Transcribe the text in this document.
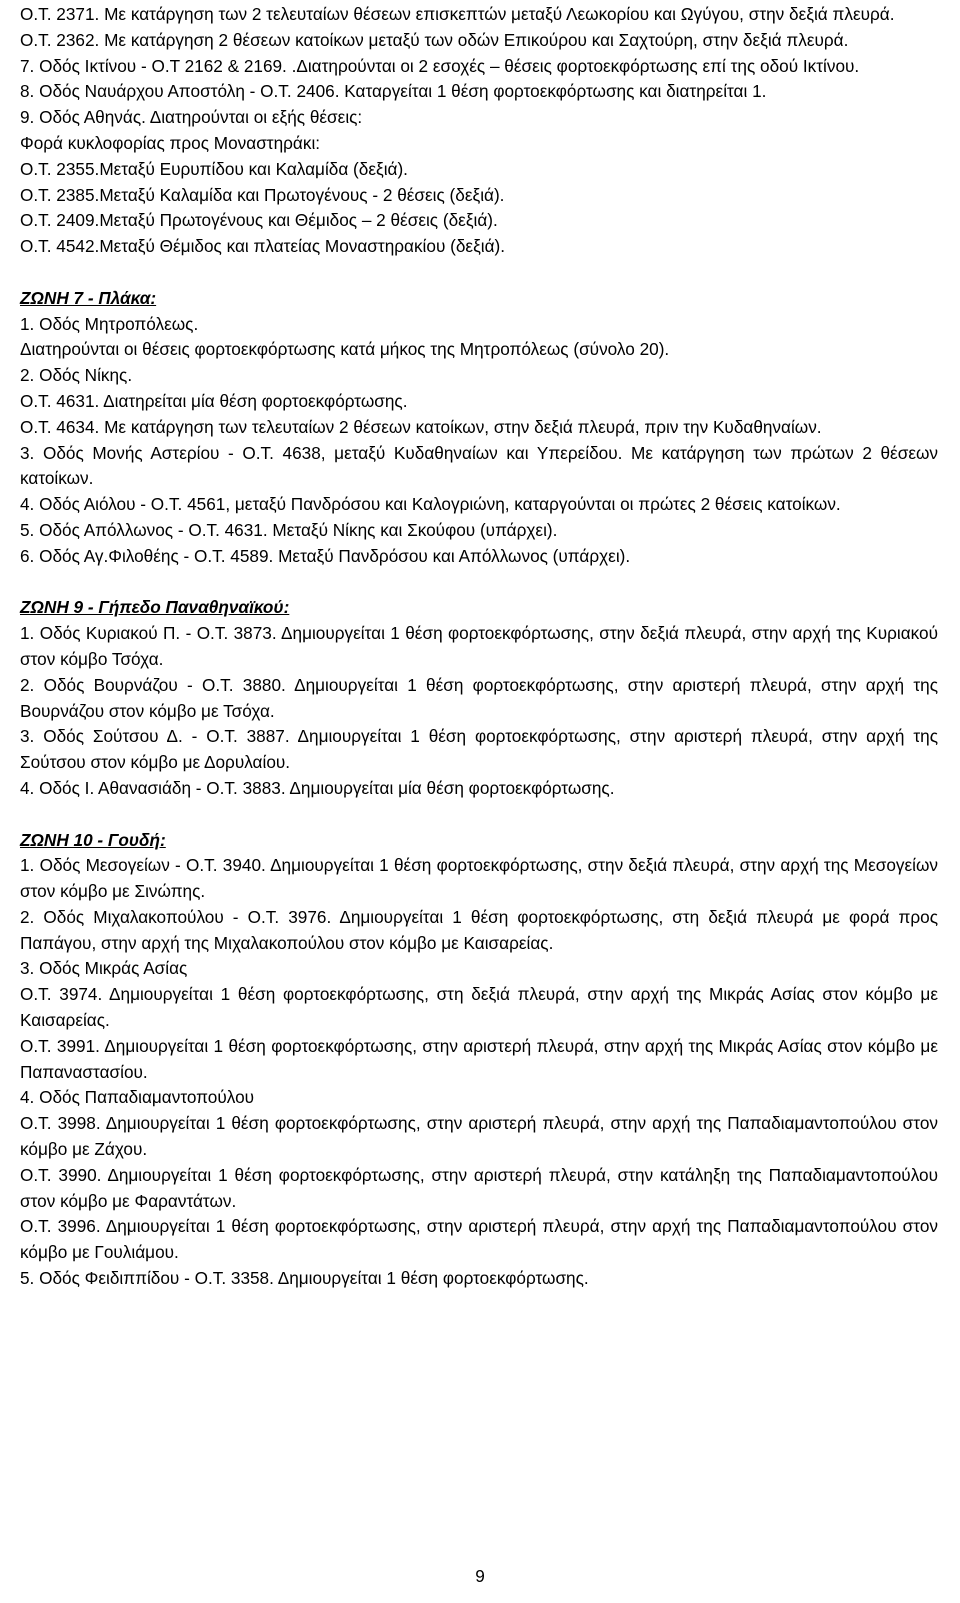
Ο.Τ. 2371. Με κατάργηση των 2 τελευταίων θέσεων επισκεπτών μεταξύ Λεωκορίου και Ωγύγου, στην δεξιά πλευρά.

Ο.Τ. 2362. Με κατάργηση 2 θέσεων κατοίκων μεταξύ των οδών Επικούρου και Σαχτούρη, στην δεξιά πλευρά.

7. Οδός Ικτίνου - Ο.Τ 2162 & 2169. .Διατηρούνται οι 2 εσοχές – θέσεις φορτοεκφόρτωσης επί της οδού Ικτίνου.

8. Οδός Ναυάρχου Αποστόλη - Ο.Τ. 2406. Καταργείται 1 θέση φορτοεκφόρτωσης και διατηρείται 1.

9. Οδός Αθηνάς. Διατηρούνται οι εξής θέσεις:

Φορά κυκλοφορίας προς Μοναστηράκι:

Ο.Τ. 2355.Μεταξύ Ευρυπίδου και Καλαμίδα (δεξιά).

Ο.Τ. 2385.Μεταξύ Καλαμίδα και Πρωτογένους - 2 θέσεις (δεξιά).

Ο.Τ. 2409.Μεταξύ Πρωτογένους και Θέμιδος – 2 θέσεις (δεξιά).

Ο.Τ. 4542.Μεταξύ Θέμιδος και πλατείας Μοναστηρακίου (δεξιά).

ΖΩΝΗ 7 - Πλάκα:

1. Οδός Μητροπόλεως.

Διατηρούνται οι θέσεις φορτοεκφόρτωσης κατά μήκος της Μητροπόλεως (σύνολο 20).

2. Οδός Νίκης.

Ο.Τ. 4631. Διατηρείται μία θέση φορτοεκφόρτωσης.

Ο.Τ. 4634. Με κατάργηση των τελευταίων 2 θέσεων κατοίκων, στην δεξιά πλευρά, πριν την Κυδαθηναίων.

3. Οδός Μονής Αστερίου - Ο.Τ. 4638, μεταξύ Κυδαθηναίων και Υπερείδου. Με κατάργηση των πρώτων 2 θέσεων κατοίκων.

4. Οδός Αιόλου - Ο.Τ. 4561, μεταξύ Πανδρόσου και Καλογριώνη, καταργούνται οι πρώτες 2 θέσεις κατοίκων.

5. Οδός Απόλλωνος - Ο.Τ. 4631. Μεταξύ Νίκης και Σκούφου (υπάρχει).

6. Οδός Αγ.Φιλοθέης - Ο.Τ. 4589. Μεταξύ Πανδρόσου και Απόλλωνος (υπάρχει).

ΖΩΝΗ 9 - Γήπεδο Παναθηναϊκού:

1. Οδός Κυριακού Π. - Ο.Τ. 3873. Δημιουργείται 1 θέση φορτοεκφόρτωσης, στην δεξιά πλευρά, στην αρχή της Κυριακού στον κόμβο Τσόχα.

2. Οδός Βουρνάζου - Ο.Τ. 3880. Δημιουργείται 1 θέση φορτοεκφόρτωσης, στην αριστερή πλευρά, στην αρχή της Βουρνάζου στον κόμβο με Τσόχα.

3. Οδός Σούτσου Δ. - Ο.Τ. 3887. Δημιουργείται 1 θέση φορτοεκφόρτωσης, στην αριστερή πλευρά, στην αρχή της Σούτσου στον κόμβο με Δορυλαίου.

4. Οδός Ι. Αθανασιάδη - Ο.Τ. 3883. Δημιουργείται μία θέση φορτοεκφόρτωσης.

ΖΩΝΗ 10 - Γουδή:

1. Οδός Μεσογείων - Ο.Τ. 3940. Δημιουργείται 1 θέση φορτοεκφόρτωσης, στην δεξιά πλευρά, στην αρχή της Μεσογείων στον κόμβο με Σινώπης.

2. Οδός Μιχαλακοπούλου - Ο.Τ. 3976. Δημιουργείται 1 θέση φορτοεκφόρτωσης, στη δεξιά πλευρά με φορά προς Παπάγου, στην αρχή της Μιχαλακοπούλου στον κόμβο με Καισαρείας.

3. Οδός Μικράς Ασίας

Ο.Τ. 3974. Δημιουργείται 1 θέση φορτοεκφόρτωσης, στη δεξιά πλευρά, στην αρχή της Μικράς Ασίας στον κόμβο με Καισαρείας.

Ο.Τ. 3991. Δημιουργείται 1 θέση φορτοεκφόρτωσης, στην αριστερή πλευρά, στην αρχή της Μικράς Ασίας στον κόμβο με Παπαναστασίου.

4. Οδός Παπαδιαμαντοπούλου

Ο.Τ. 3998. Δημιουργείται 1 θέση φορτοεκφόρτωσης, στην αριστερή πλευρά, στην αρχή της Παπαδιαμαντοπούλου στον κόμβο με Ζάχου.

Ο.Τ. 3990. Δημιουργείται 1 θέση φορτοεκφόρτωσης, στην αριστερή πλευρά, στην κατάληξη της Παπαδιαμαντοπούλου στον κόμβο με Φαραντάτων.

Ο.Τ. 3996. Δημιουργείται 1 θέση φορτοεκφόρτωσης, στην αριστερή πλευρά, στην αρχή της Παπαδιαμαντοπούλου στον κόμβο με Γουλιάμου.

5. Οδός Φειδιππίδου - Ο.Τ. 3358. Δημιουργείται 1 θέση φορτοεκφόρτωσης.

9
